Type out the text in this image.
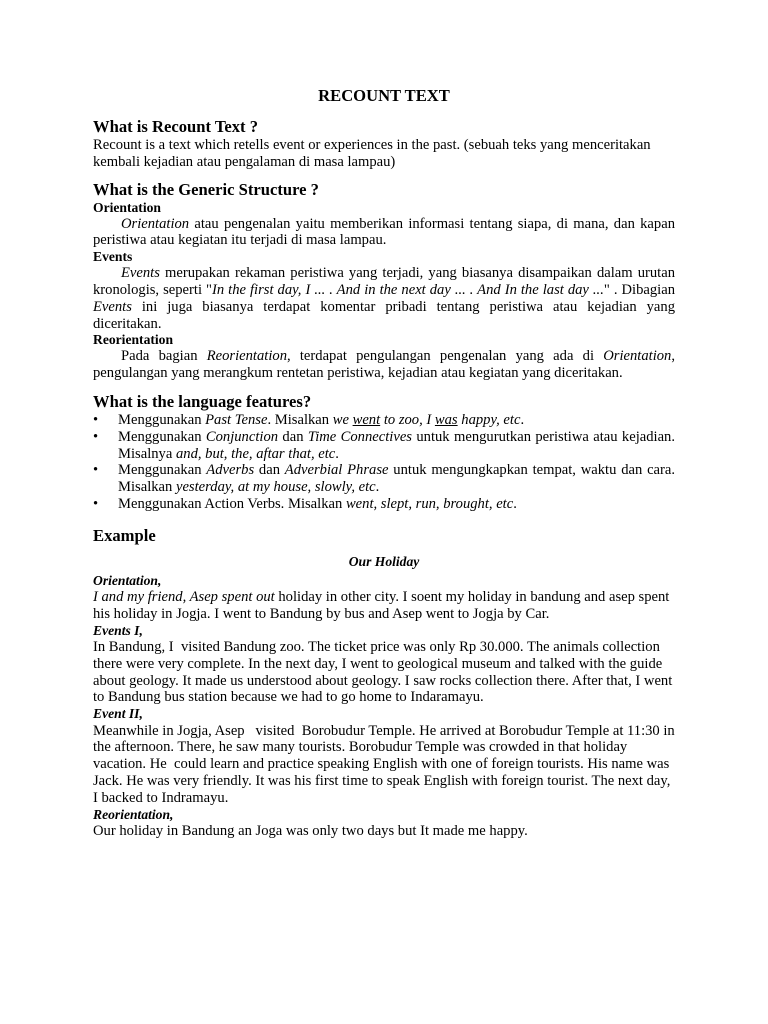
RECOUNT TEXT
What is Recount Text ?

Recount is a text which retells event or experiences in the past. (sebuah teks yang menceritakan kembali kejadian atau pengalaman di masa lampau)

What is the Generic Structure ?

Orientation

Orientation atau pengenalan yaitu memberikan informasi tentang siapa, di mana, dan kapan peristiwa atau kegiatan itu terjadi di masa lampau.

Events

Events merupakan rekaman peristiwa yang terjadi, yang biasanya disampaikan dalam urutan kronologis, seperti "In the first day, I ... . And in the next day ... . And In the last day ..." . Dibagian Events ini juga biasanya terdapat komentar pribadi tentang peristiwa atau kejadian yang diceritakan.

Reorientation

Pada bagian Reorientation, terdapat pengulangan pengenalan yang ada di Orientation, pengulangan yang merangkum rentetan peristiwa, kejadian atau kegiatan yang diceritakan.

What is the language features?
• Menggunakan Past Tense. Misalkan we went to zoo, I was happy, etc.
• Menggunakan Conjunction dan Time Connectives untuk mengurutkan peristiwa atau kejadian. Misalnya and, but, the, aftar that, etc.
• Menggunakan Adverbs dan Adverbial Phrase untuk mengungkapkan tempat, waktu dan cara. Misalkan yesterday, at my house, slowly, etc.
• Menggunakan Action Verbs. Misalkan went, slept, run, brought, etc.
Example
Our Holiday

Orientation,

I and my friend, Asep spent out holiday in other city. I soent my holiday in bandung and asep spent his holiday in Jogja. I went to Bandung by bus and Asep went to Jogja by Car.

Events I,

In Bandung, I  visited Bandung zoo. The ticket price was only Rp 30.000. The animals collection there were very complete. In the next day, I went to geological museum and talked with the guide about geology. It made us understood about geology. I saw rocks collection there. After that, I went to Bandung bus station because we had to go home to Indaramayu.

Event II,

Meanwhile in Jogja, Asep   visited  Borobudur Temple. He arrived at Borobudur Temple at 11:30 in the afternoon. There, he saw many tourists. Borobudur Temple was crowded in that holiday vacation. He  could learn and practice speaking English with one of foreign tourists. His name was Jack. He was very friendly. It was his first time to speak English with foreign tourist. The next day, I backed to Indramayu.

Reorientation,

Our holiday in Bandung an Joga was only two days but It made me happy.
